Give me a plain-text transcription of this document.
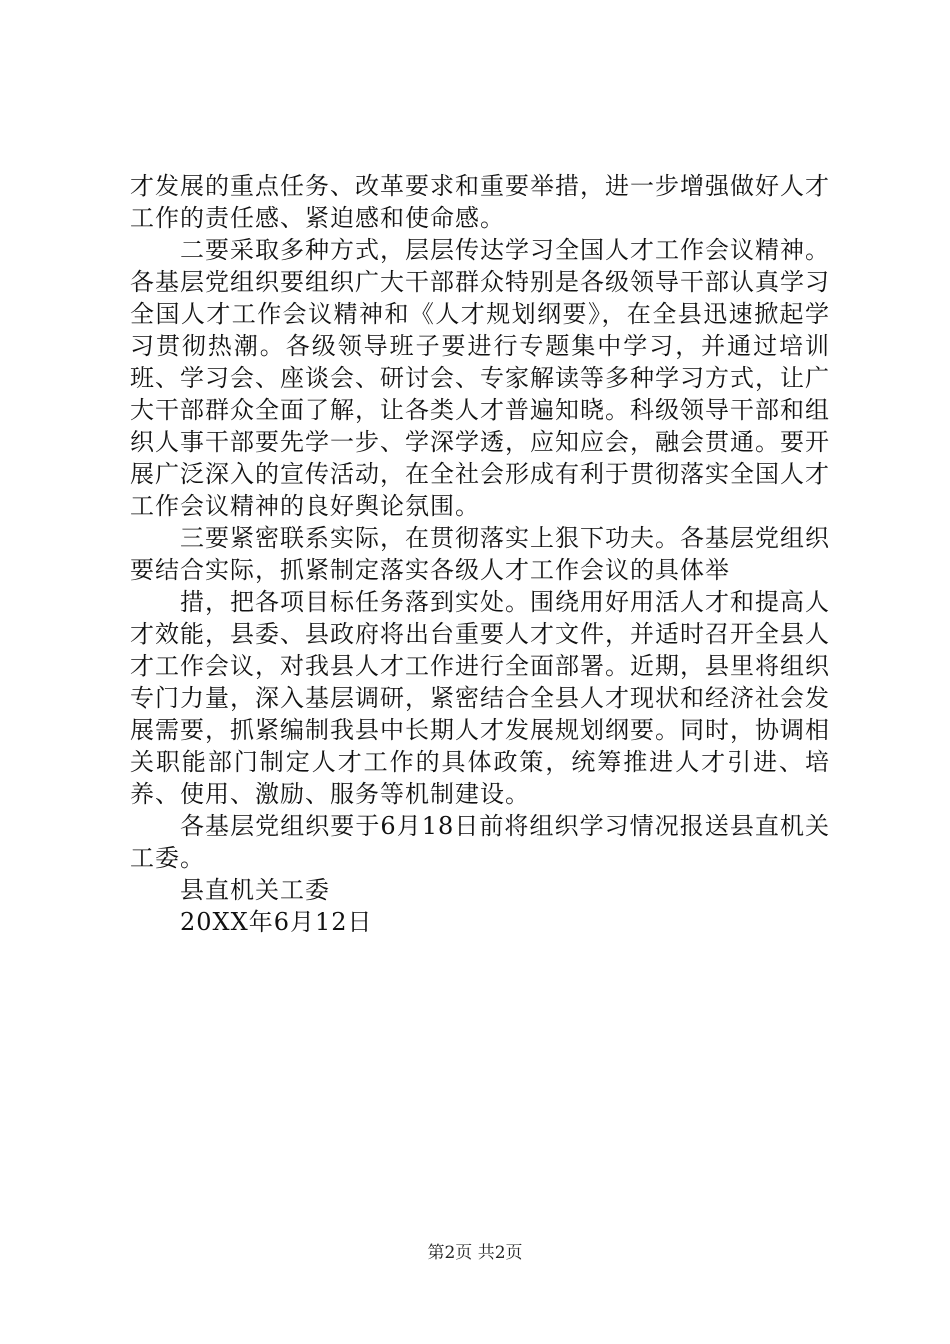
才发展的重点任务、改革要求和重要举措，进一步增强做好人才工作的责任感、紧迫感和使命感。

二要采取多种方式，层层传达学习全国人才工作会议精神。各基层党组织要组织广大干部群众特别是各级领导干部认真学习全国人才工作会议精神和《人才规划纲要》，在全县迅速掀起学习贯彻热潮。各级领导班子要进行专题集中学习，并通过培训班、学习会、座谈会、研讨会、专家解读等多种学习方式，让广大干部群众全面了解，让各类人才普遍知晓。科级领导干部和组织人事干部要先学一步、学深学透，应知应会，融会贯通。要开展广泛深入的宣传活动，在全社会形成有利于贯彻落实全国人才工作会议精神的良好舆论氛围。

三要紧密联系实际，在贯彻落实上狠下功夫。各基层党组织要结合实际，抓紧制定落实各级人才工作会议的具体举

措，把各项目标任务落到实处。围绕用好用活人才和提高人才效能，县委、县政府将出台重要人才文件，并适时召开全县人才工作会议，对我县人才工作进行全面部署。近期，县里将组织专门力量，深入基层调研，紧密结合全县人才现状和经济社会发展需要，抓紧编制我县中长期人才发展规划纲要。同时，协调相关职能部门制定人才工作的具体政策，统筹推进人才引进、培养、使用、激励、服务等机制建设。

各基层党组织要于6月18日前将组织学习情况报送县直机关工委。

县直机关工委

20XX年6月12日

第2页 共2页
